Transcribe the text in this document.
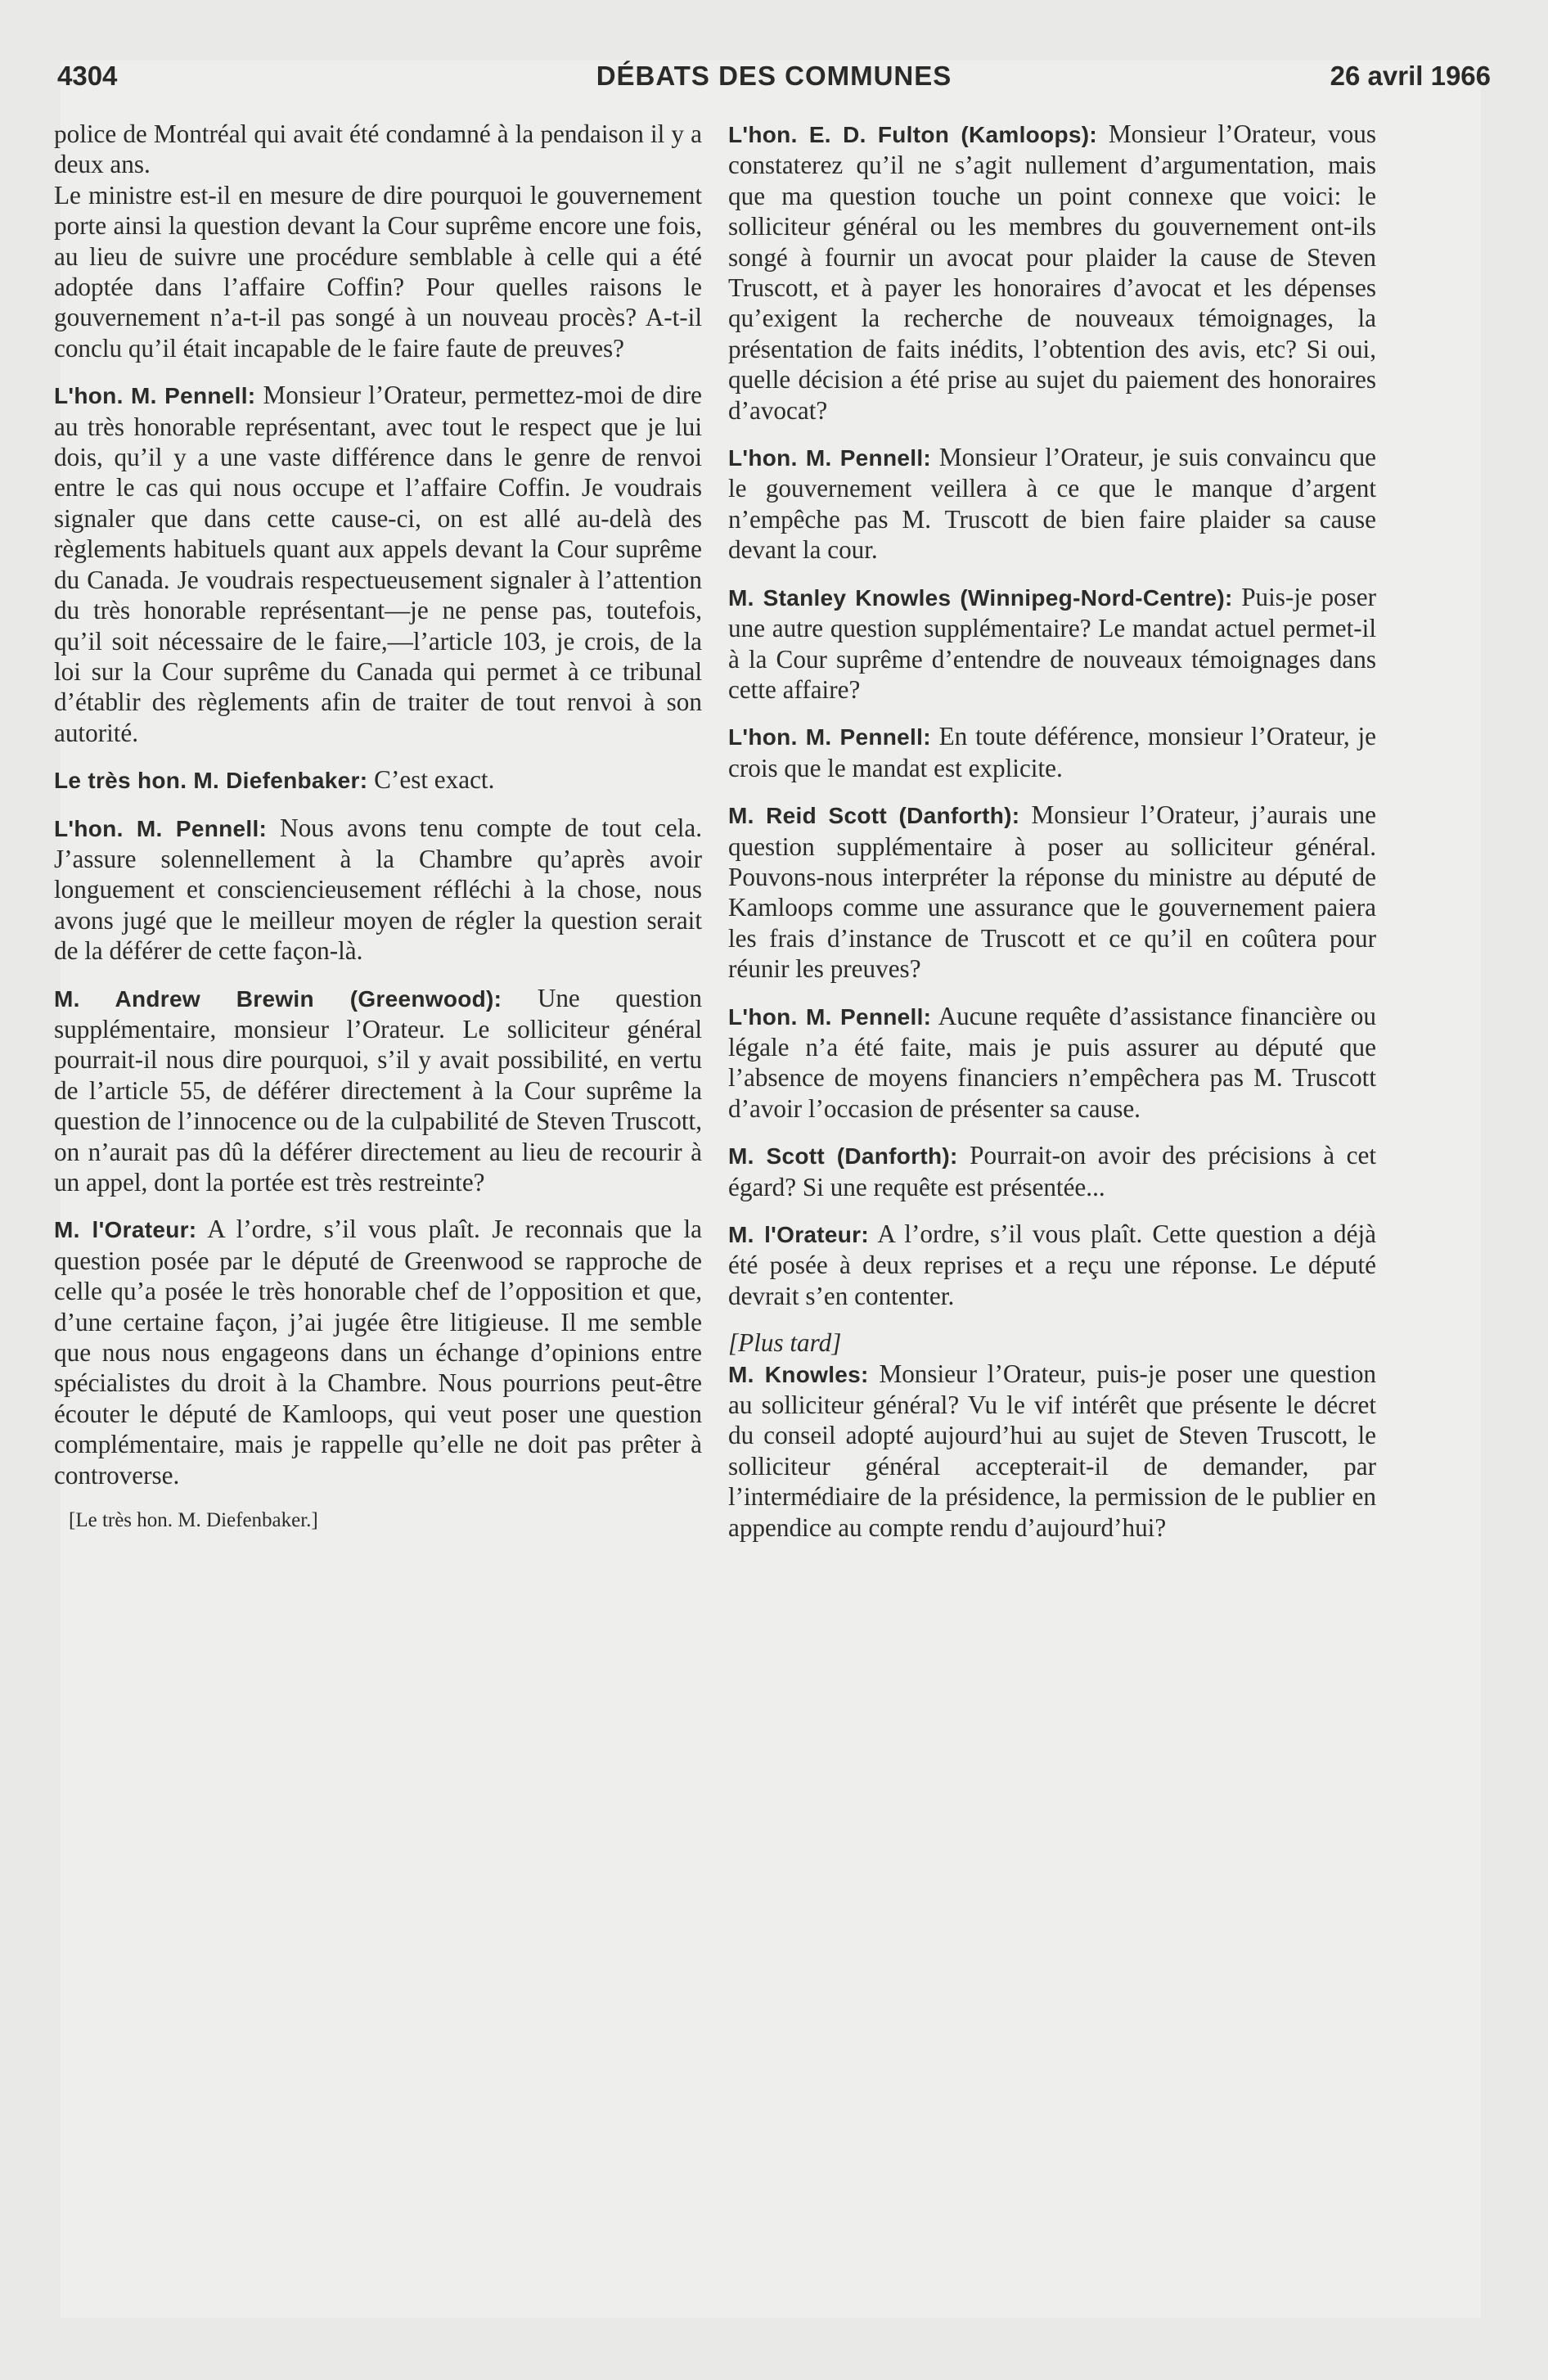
4304	DÉBATS DES COMMUNES	26 avril 1966

police de Montréal qui avait été condamné à la pendaison il y a deux ans.

Le ministre est-il en mesure de dire pourquoi le gouvernement porte ainsi la question devant la Cour suprême encore une fois, au lieu de suivre une procédure semblable à celle qui a été adoptée dans l’affaire Coffin? Pour quelles raisons le gouvernement n’a-t-il pas songé à un nouveau procès? A-t-il conclu qu’il était incapable de le faire faute de preuves?

L'hon. M. Pennell: Monsieur l’Orateur, permettez-moi de dire au très honorable représentant, avec tout le respect que je lui dois, qu’il y a une vaste différence dans le genre de renvoi entre le cas qui nous occupe et l’affaire Coffin. Je voudrais signaler que dans cette cause-ci, on est allé au-delà des règlements habituels quant aux appels devant la Cour suprême du Canada. Je voudrais respectueusement signaler à l’attention du très honorable représentant—je ne pense pas, toutefois, qu’il soit nécessaire de le faire,—l’article 103, je crois, de la loi sur la Cour suprême du Canada qui permet à ce tribunal d’établir des règlements afin de traiter de tout renvoi à son autorité.

Le très hon. M. Diefenbaker: C’est exact.

L'hon. M. Pennell: Nous avons tenu compte de tout cela. J’assure solennellement à la Chambre qu’après avoir longuement et consciencieusement réfléchi à la chose, nous avons jugé que le meilleur moyen de régler la question serait de la déférer de cette façon-là.

M. Andrew Brewin (Greenwood): Une question supplémentaire, monsieur l’Orateur. Le solliciteur général pourrait-il nous dire pourquoi, s’il y avait possibilité, en vertu de l’article 55, de déférer directement à la Cour suprême la question de l’innocence ou de la culpabilité de Steven Truscott, on n’aurait pas dû la déférer directement au lieu de recourir à un appel, dont la portée est très restreinte?

M. l'Orateur: A l’ordre, s’il vous plaît. Je reconnais que la question posée par le député de Greenwood se rapproche de celle qu’a posée le très honorable chef de l’opposition et que, d’une certaine façon, j’ai jugée être litigieuse. Il me semble que nous nous engageons dans un échange d’opinions entre spécialistes du droit à la Chambre. Nous pourrions peut-être écouter le député de Kamloops, qui veut poser une question complémentaire, mais je rappelle qu’elle ne doit pas prêter à controverse.

[Le très hon. M. Diefenbaker.]

L'hon. E. D. Fulton (Kamloops): Monsieur l’Orateur, vous constaterez qu’il ne s’agit nullement d’argumentation, mais que ma question touche un point connexe que voici: le solliciteur général ou les membres du gouvernement ont-ils songé à fournir un avocat pour plaider la cause de Steven Truscott, et à payer les honoraires d’avocat et les dépenses qu’exigent la recherche de nouveaux témoignages, la présentation de faits inédits, l’obtention des avis, etc? Si oui, quelle décision a été prise au sujet du paiement des honoraires d’avocat?

L'hon. M. Pennell: Monsieur l’Orateur, je suis convaincu que le gouvernement veillera à ce que le manque d’argent n’empêche pas M. Truscott de bien faire plaider sa cause devant la cour.

M. Stanley Knowles (Winnipeg-Nord-Centre): Puis-je poser une autre question supplémentaire? Le mandat actuel permet-il à la Cour suprême d’entendre de nouveaux témoignages dans cette affaire?

L'hon. M. Pennell: En toute déférence, monsieur l’Orateur, je crois que le mandat est explicite.

M. Reid Scott (Danforth): Monsieur l’Orateur, j’aurais une question supplémentaire à poser au solliciteur général. Pouvons-nous interpréter la réponse du ministre au député de Kamloops comme une assurance que le gouvernement paiera les frais d’instance de Truscott et ce qu’il en coûtera pour réunir les preuves?

L'hon. M. Pennell: Aucune requête d’assistance financière ou légale n’a été faite, mais je puis assurer au député que l’absence de moyens financiers n’empêchera pas M. Truscott d’avoir l’occasion de présenter sa cause.

M. Scott (Danforth): Pourrait-on avoir des précisions à cet égard? Si une requête est présentée...

M. l'Orateur: A l’ordre, s’il vous plaît. Cette question a déjà été posée à deux reprises et a reçu une réponse. Le député devrait s’en contenter.

[Plus tard]

M. Knowles: Monsieur l’Orateur, puis-je poser une question au solliciteur général? Vu le vif intérêt que présente le décret du conseil adopté aujourd’hui au sujet de Steven Truscott, le solliciteur général accepterait-il de demander, par l’intermédiaire de la présidence, la permission de le publier en appendice au compte rendu d’aujourd’hui?
